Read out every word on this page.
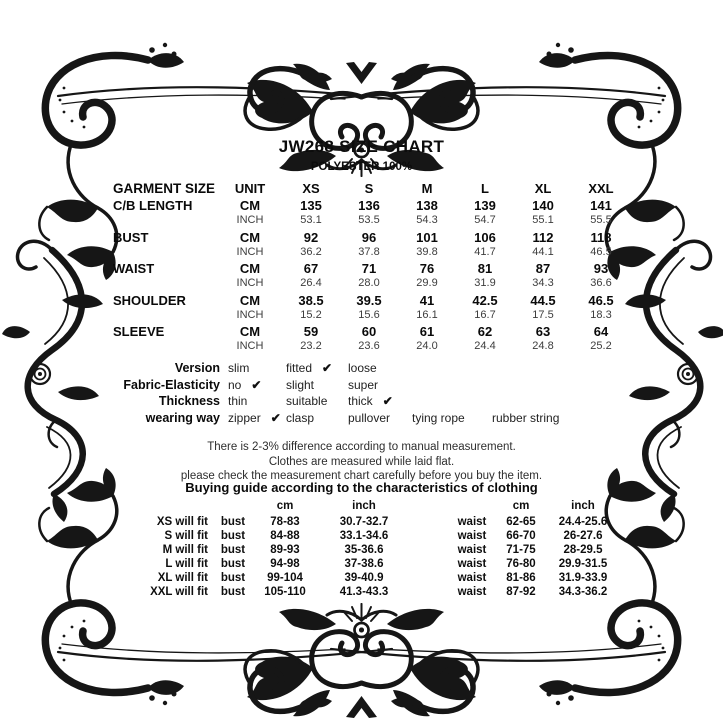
JW268 SIZE CHART
POLYESTER 100%
GARMENT SIZE	UNIT	XS	S	M	L	XL	XXL
C/B LENGTH	CM	135	136	138	139	140	141
INCH	53.1	53.5	54.3	54.7	55.1	55.5
BUST	CM	92	96	101	106	112	118
INCH	36.2	37.8	39.8	41.7	44.1	46.5
WAIST	CM	67	71	76	81	87	93
INCH	26.4	28.0	29.9	31.9	34.3	36.6
SHOULDER	CM	38.5	39.5	41	42.5	44.5	46.5
INCH	15.2	15.6	16.1	16.7	17.5	18.3
SLEEVE	CM	59	60	61	62	63	64
INCH	23.2	23.6	24.0	24.4	24.8	25.2
Version slim	fitted ✔ loose
Fabric-Elasticity no ✔ slight	super
Thickness thin	suitable thick ✔
wearing way zipper ✔ clasp	pullover tying rope rubber string
There is 2-3% difference according to manual measurement.
Clothes are measured while laid flat.
please check the measurement chart carefully before you buy the item.
Buying guide according to the characteristics of clothing
cm	inch	cm	inch
XS will fit	bust	78-83	30.7-32.7	waist	62-65	24.4-25.6
S will fit	bust	84-88	33.1-34.6	waist	66-70	26-27.6
M will fit	bust	89-93	35-36.6	waist	71-75	28-29.5
L will fit	bust	94-98	37-38.6	waist	76-80	29.9-31.5
XL will fit	bust	99-104	39-40.9	waist	81-86	31.9-33.9
XXL will fit	bust	105-110	41.3-43.3	waist	87-92	34.3-36.2
